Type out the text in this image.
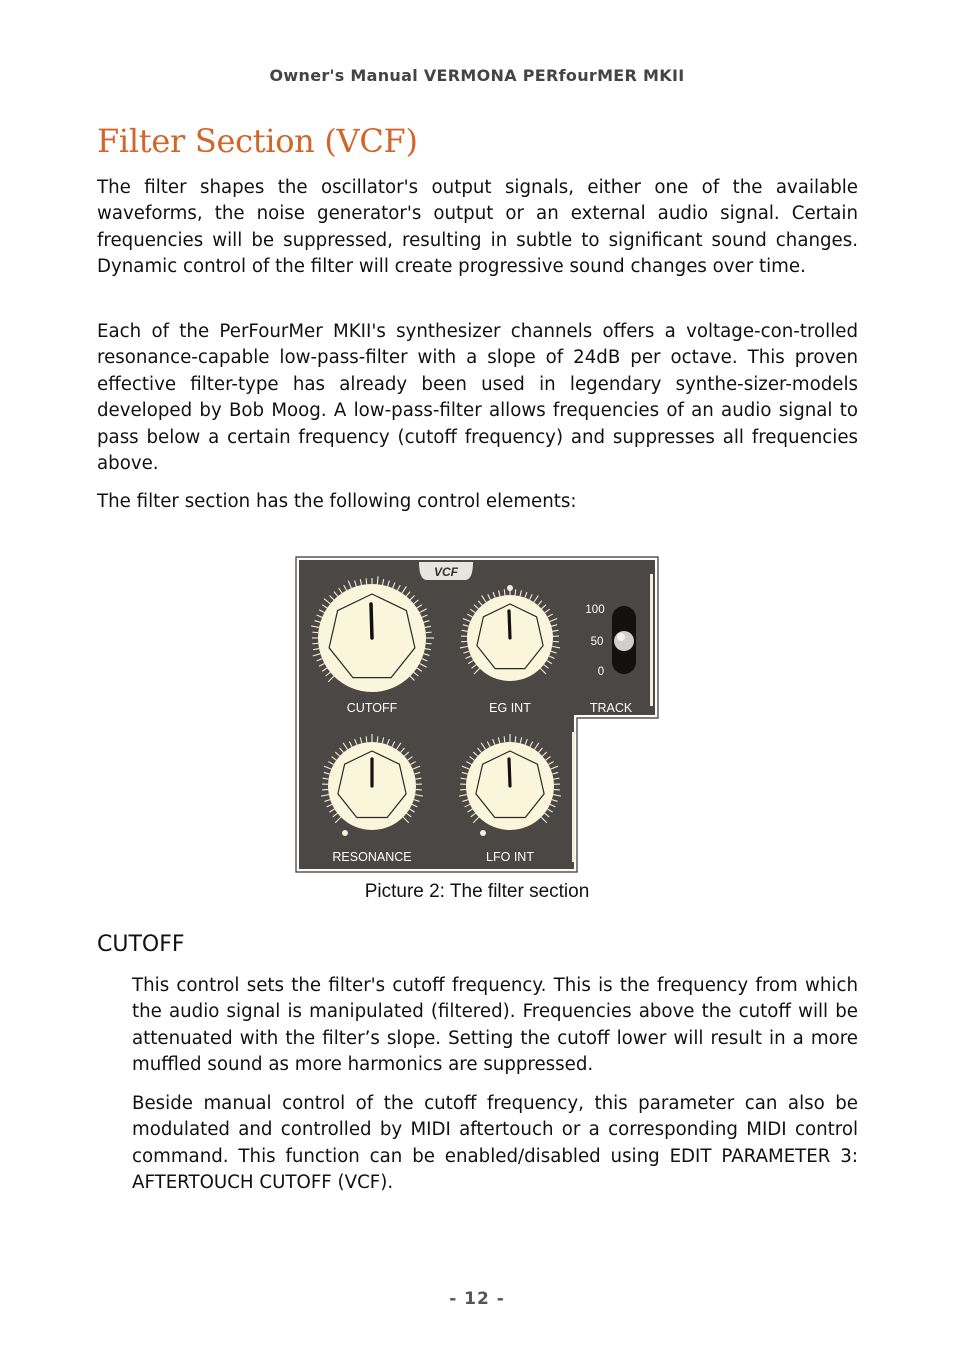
Owner's Manual VERMONA PERfourMER MKII
Filter Section (VCF)

The filter shapes the oscillator's output signals, either one of the available waveforms, the noise generator's output or an external audio signal. Certain frequencies will be suppressed, resulting in subtle to significant sound changes. Dynamic control of the filter will create progressive sound changes over time.

Each of the PerFourMer MKII's synthesizer channels offers a voltage-con-trolled resonance-capable low-pass-filter with a slope of 24dB per octave. This proven effective filter-type has already been used in legendary synthe-sizer-models developed by Bob Moog. A low-pass-filter allows frequencies of an audio signal to pass below a certain frequency (cutoff frequency) and suppresses all frequencies above.

The filter section has the following control elements:

VCF
CUTOFF	EG INT
100
50
0
TRACK
RESONANCE	LFO INT
Picture 2: The filter section
CUTOFF

This control sets the filter's cutoff frequency. This is the frequency from which the audio signal is manipulated (filtered). Frequencies above the cutoff will be attenuated with the filter’s slope. Setting the cutoff lower will result in a more muffled sound as more harmonics are suppressed.

Beside manual control of the cutoff frequency, this parameter can also be modulated and controlled by MIDI aftertouch or a corresponding MIDI control command. This function can be enabled/disabled using EDIT PARAMETER 3: AFTERTOUCH CUTOFF (VCF).

- 12 -
